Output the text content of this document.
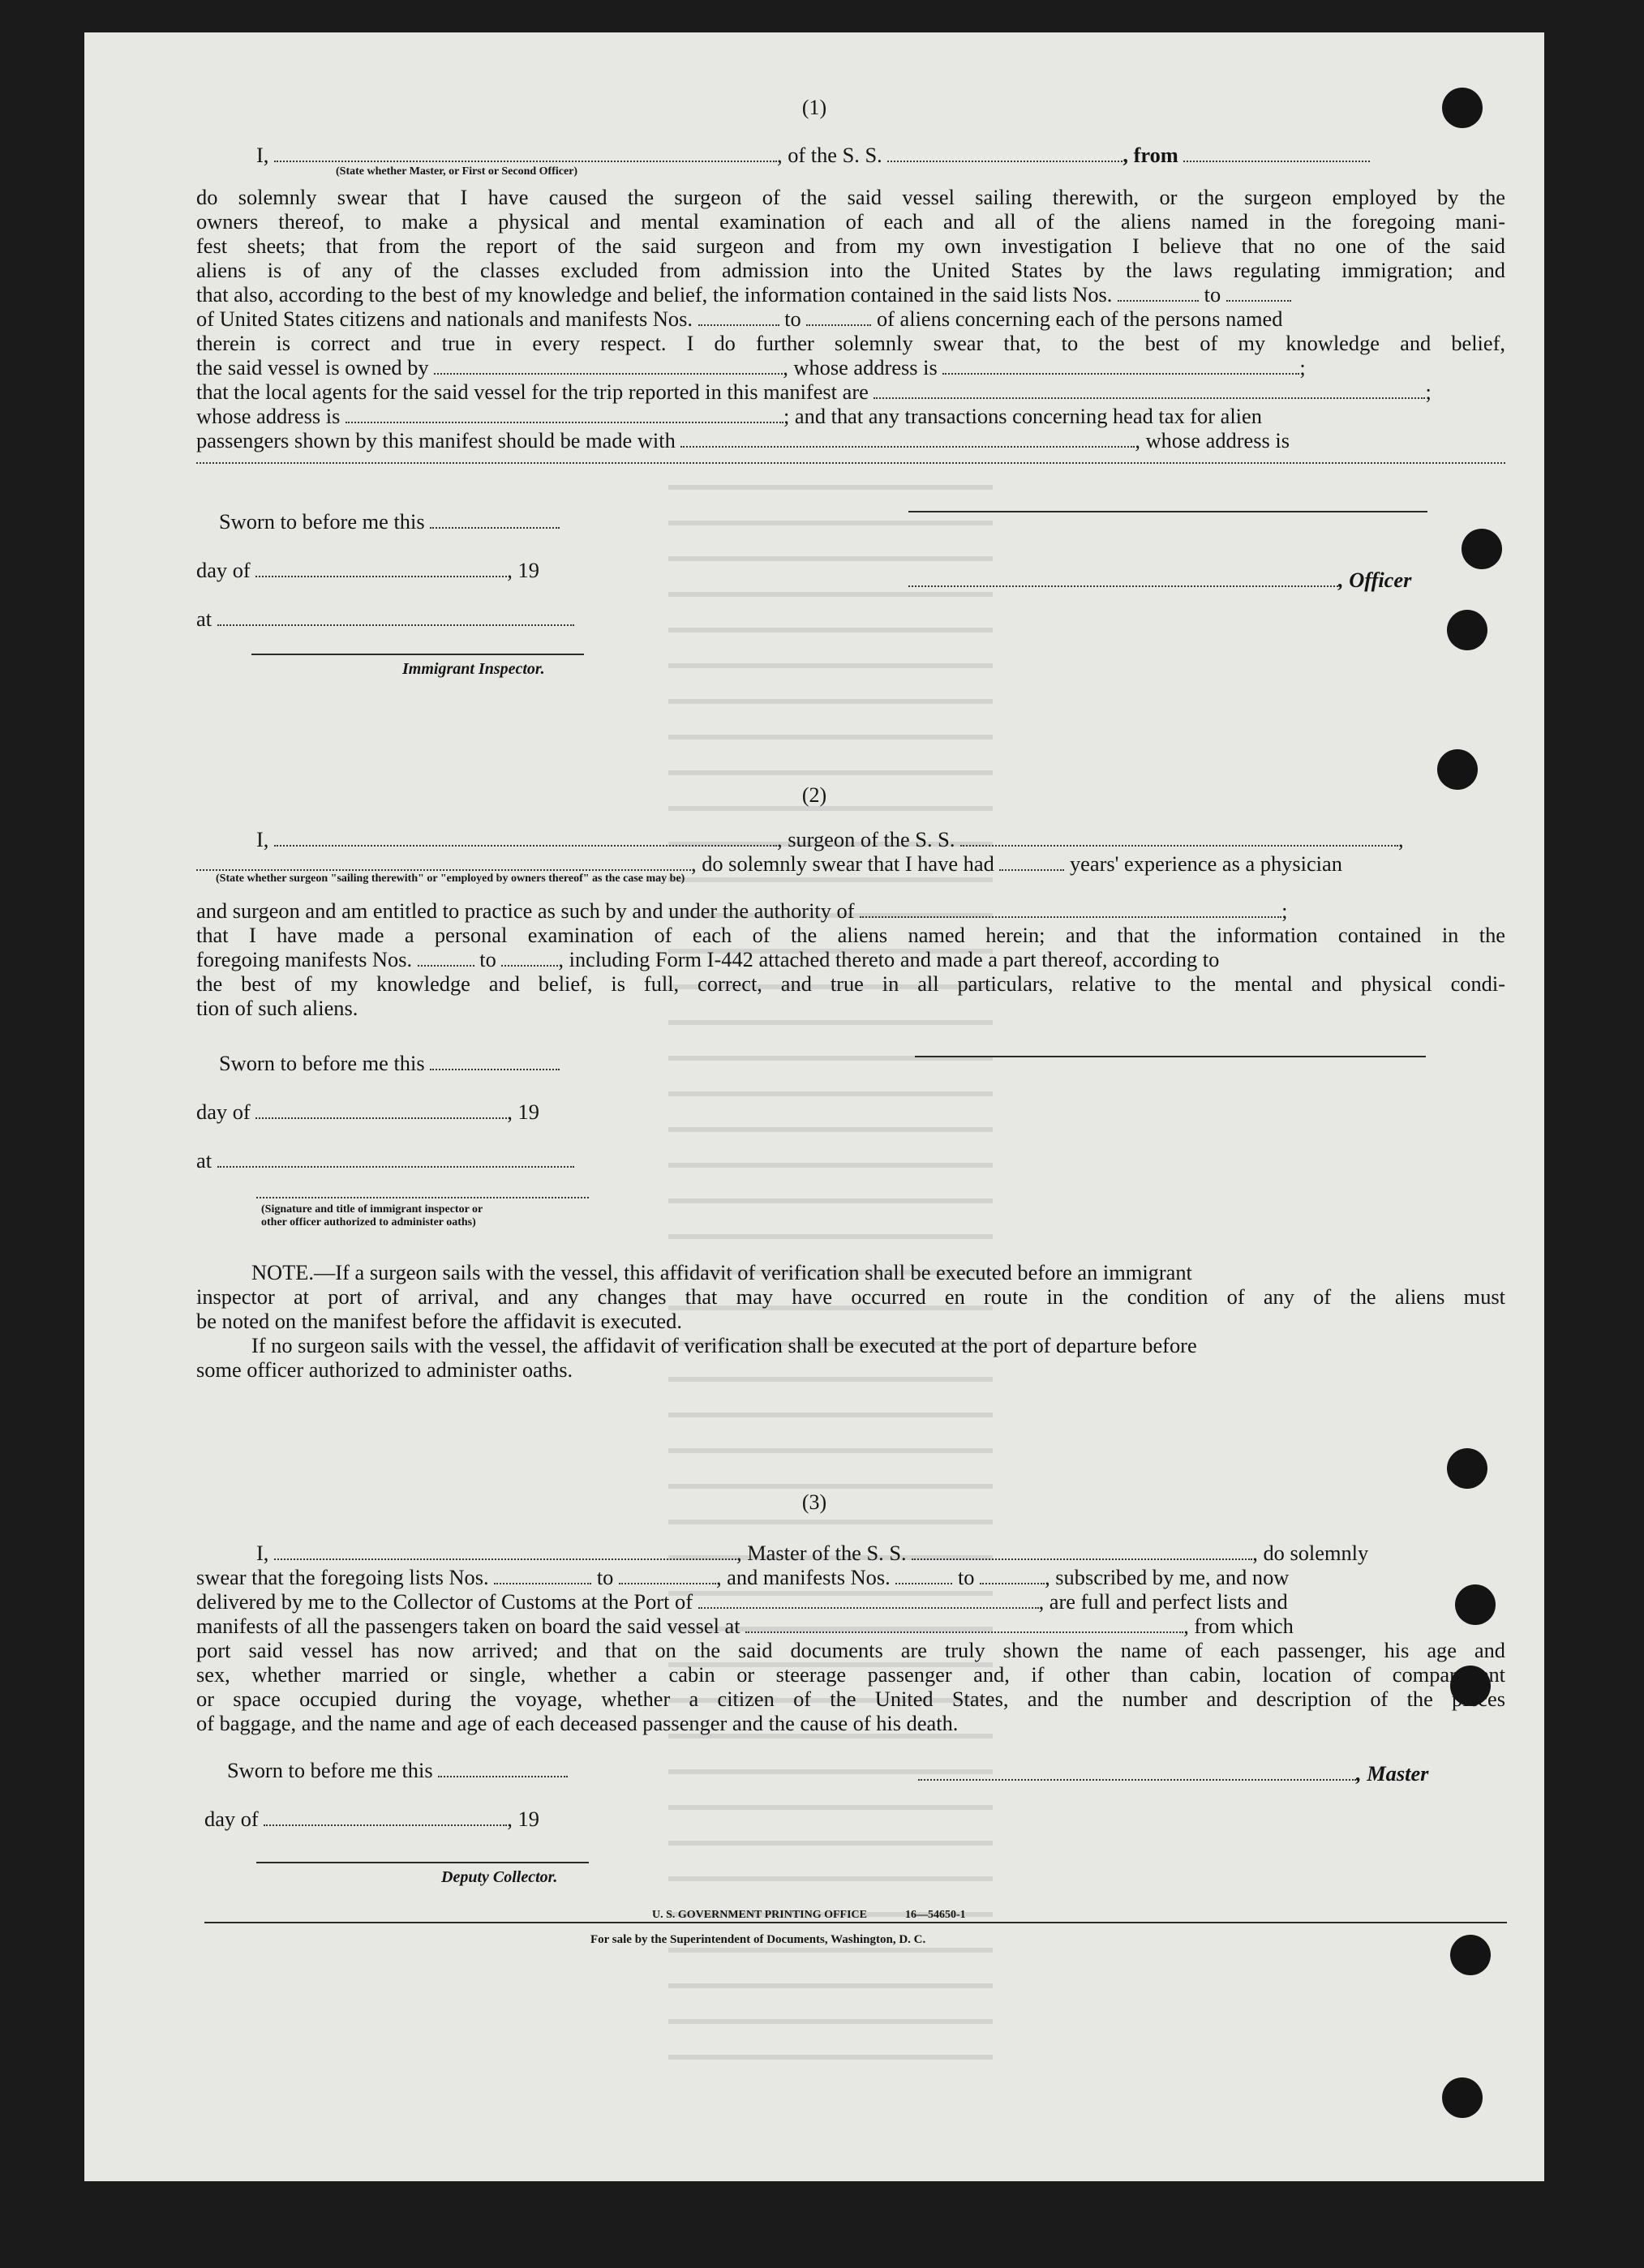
(1)
I,	, of the S. S.	, from
(State whether Master, or First or Second Officer)
do solemnly swear that I have caused the surgeon of the said vessel sailing therewith, or the surgeon employed by the
owners thereof, to make a physical and mental examination of each and all of the aliens named in the foregoing mani-
fest sheets; that from the report of the said surgeon and from my own investigation I believe that no one of the said
aliens is of any of the classes excluded from admission into the United States by the laws regulating immigration; and
that also, according to the best of my knowledge and belief, the information contained in the said lists Nos.	to
of United States citizens and nationals and manifests Nos.	to	of aliens concerning each of the persons named
therein is correct and true in every respect. I do further solemnly swear that, to the best of my knowledge and belief,
the said vessel is owned by	, whose address is	;
that the local agents for the said vessel for the trip reported in this manifest are	;
whose address is	; and that any transactions concerning head tax for alien
passengers shown by this manifest should be made with	, whose address is
Sworn to before me this
day of	, 19
at
Immigrant Inspector.
, Officer
(2)
I,	, surgeon of the S. S.	,
, do solemnly swear that I have had	years' experience as a physician
(State whether surgeon "sailing therewith" or "employed by owners thereof" as the case may be)
and surgeon and am entitled to practice as such by and under the authority of	;
that I have made a personal examination of each of the aliens named herein; and that the information contained in the
foregoing manifests Nos.	to	, including Form I-442 attached thereto and made a part thereof, according to
the best of my knowledge and belief, is full, correct, and true in all particulars, relative to the mental and physical condi-
tion of such aliens.
Sworn to before me this
day of	, 19
at
(Signature and title of immigrant inspector or
other officer authorized to administer oaths)
NOTE.—If a surgeon sails with the vessel, this affidavit of verification shall be executed before an immigrant
inspector at port of arrival, and any changes that may have occurred en route in the condition of any of the aliens must
be noted on the manifest before the affidavit is executed.
If no surgeon sails with the vessel, the affidavit of verification shall be executed at the port of departure before
some officer authorized to administer oaths.
(3)
I,	, Master of the S. S.	, do solemnly
swear that the foregoing lists Nos.	to	, and manifests Nos.	to	, subscribed by me, and now
delivered by me to the Collector of Customs at the Port of	, are full and perfect lists and
manifests of all the passengers taken on board the said vessel at	, from which
port said vessel has now arrived; and that on the said documents are truly shown the name of each passenger, his age and
sex, whether married or single, whether a cabin or steerage passenger and, if other than cabin, location of compartment
or space occupied during the voyage, whether a citizen of the United States, and the number and description of the pieces
of baggage, and the name and age of each deceased passenger and the cause of his death.
Sworn to before me this
day of	, 19
Deputy Collector.
, Master
U. S. GOVERNMENT PRINTING OFFICE	16—54650-1
For sale by the Superintendent of Documents, Washington, D. C.
